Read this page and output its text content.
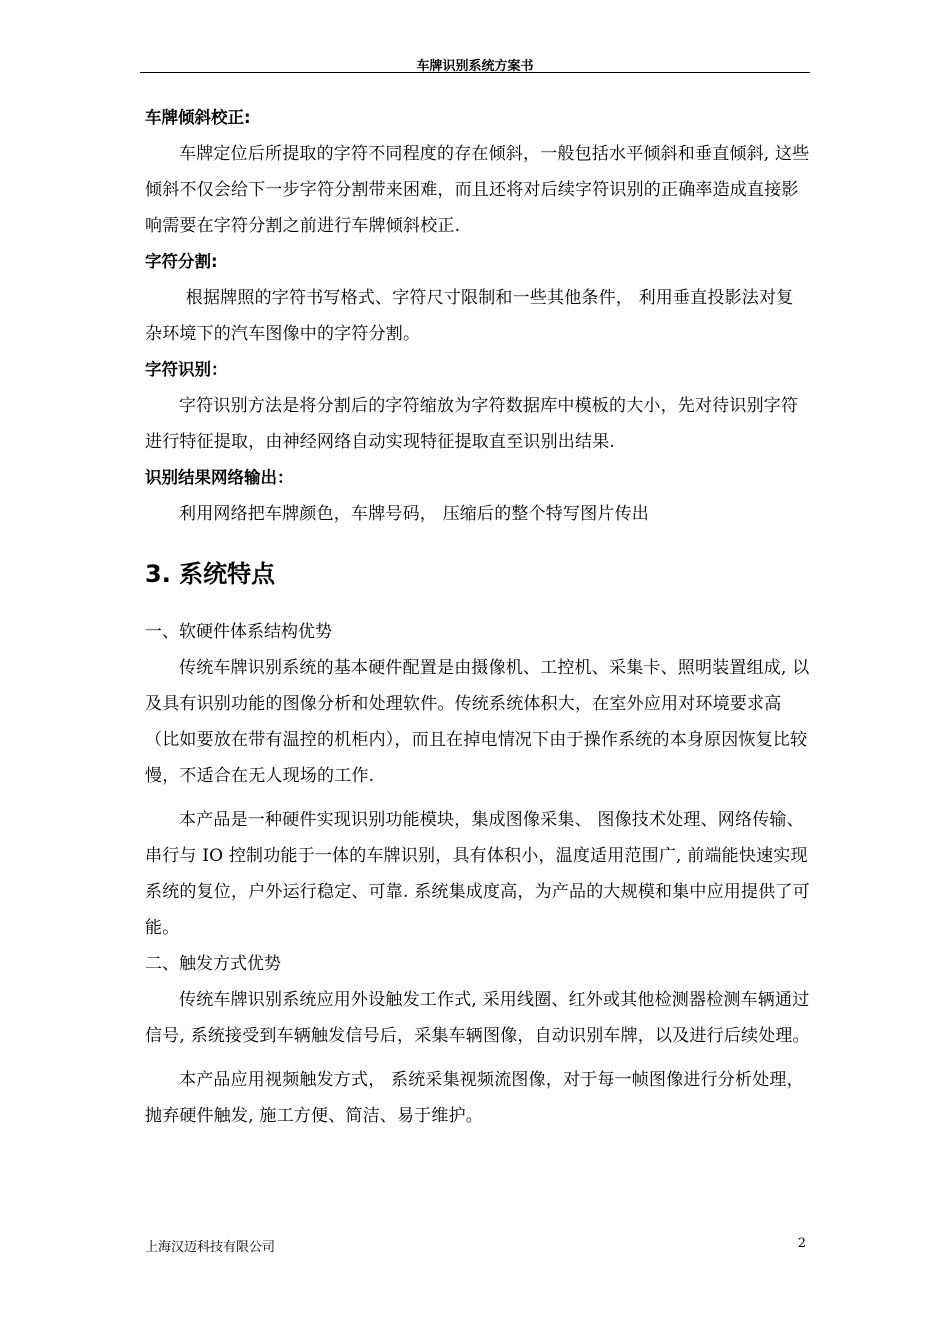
车牌识别系统方案书

车牌倾斜校正:

车牌定位后所提取的字符不同程度的存在倾斜，一般包括水平倾斜和垂直倾斜, 这些倾斜不仅会给下一步字符分割带来困难，而且还将对后续字符识别的正确率造成直接影响需要在字符分割之前进行车牌倾斜校正.

字符分割:

根据牌照的字符书写格式、字符尺寸限制和一些其他条件， 利用垂直投影法对复杂环境下的汽车图像中的字符分割。

字符识别：

字符识别方法是将分割后的字符缩放为字符数据库中模板的大小，先对待识别字符进行特征提取，由神经网络自动实现特征提取直至识别出结果.

识别结果网络输出：

利用网络把车牌颜色，车牌号码， 压缩后的整个特写图片传出

3. 系统特点

一、软硬件体系结构优势

传统车牌识别系统的基本硬件配置是由摄像机、工控机、采集卡、照明装置组成, 以及具有识别功能的图像分析和处理软件。传统系统体积大，在室外应用对环境要求高（比如要放在带有温控的机柜内），而且在掉电情况下由于操作系统的本身原因恢复比较慢，不适合在无人现场的工作.

本产品是一种硬件实现识别功能模块，集成图像采集、 图像技术处理、网络传输、 串行与 IO 控制功能于一体的车牌识别，具有体积小，温度适用范围广, 前端能快速实现系统的复位，户外运行稳定、可靠. 系统集成度高，为产品的大规模和集中应用提供了可能。

二、触发方式优势

传统车牌识别系统应用外设触发工作式, 采用线圈、红外或其他检测器检测车辆通过信号, 系统接受到车辆触发信号后，采集车辆图像，自动识别车牌，以及进行后续处理。

本产品应用视频触发方式， 系统采集视频流图像，对于每一帧图像进行分析处理，抛弃硬件触发, 施工方便、简洁、易于维护。

上海汉迈科技有限公司	2
